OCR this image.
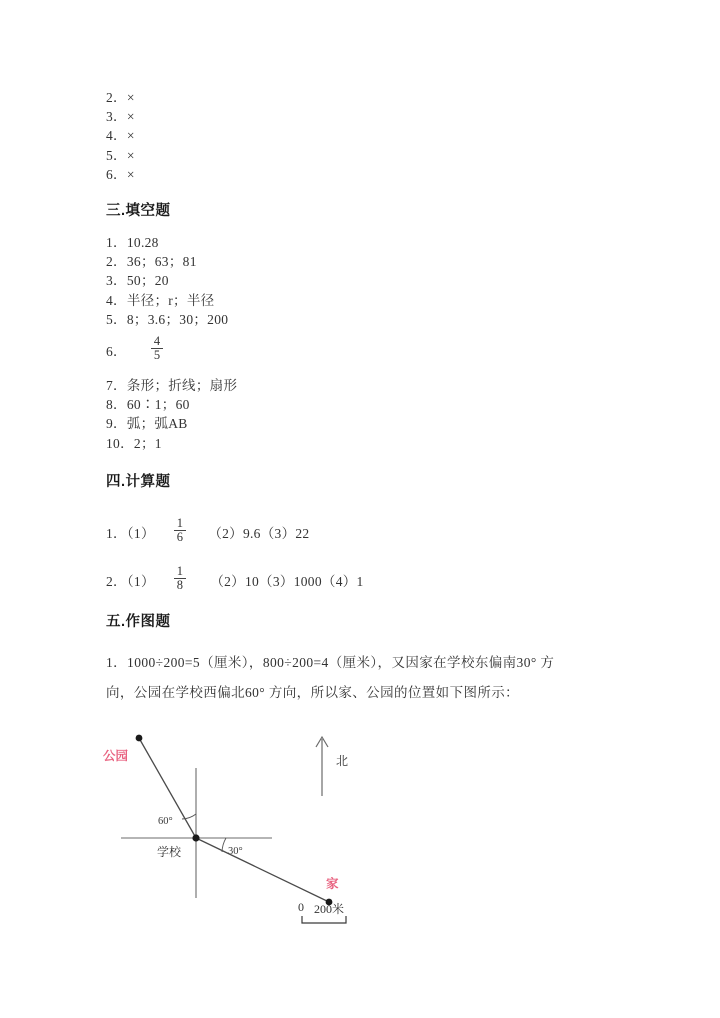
2．×
3．×
4．×
5．×
6．×
三.填空题
1．10.28
2．36；63；81
3．50；20
4．半径；r；半径
5．8；3.6；30；200
6． $\frac{4}{5}$
7．条形；折线；扇形
8．60∶1；60
9．弧；弧AB
10．2；1
四.计算题
1．$(1) \frac{1}{6} (2)9.6(3)22$
2．$(1) \frac{1}{8} (2)10(3)1000(4)1$
五.作图题
1．1000÷200=5（厘米），800÷200=4（厘米），又因家在学校东偏南30° 方
向，公园在学校西偏北60° 方向，所以家、公园的位置如下图所示：
公园
学校
家
北
60°
30°
0 200米
